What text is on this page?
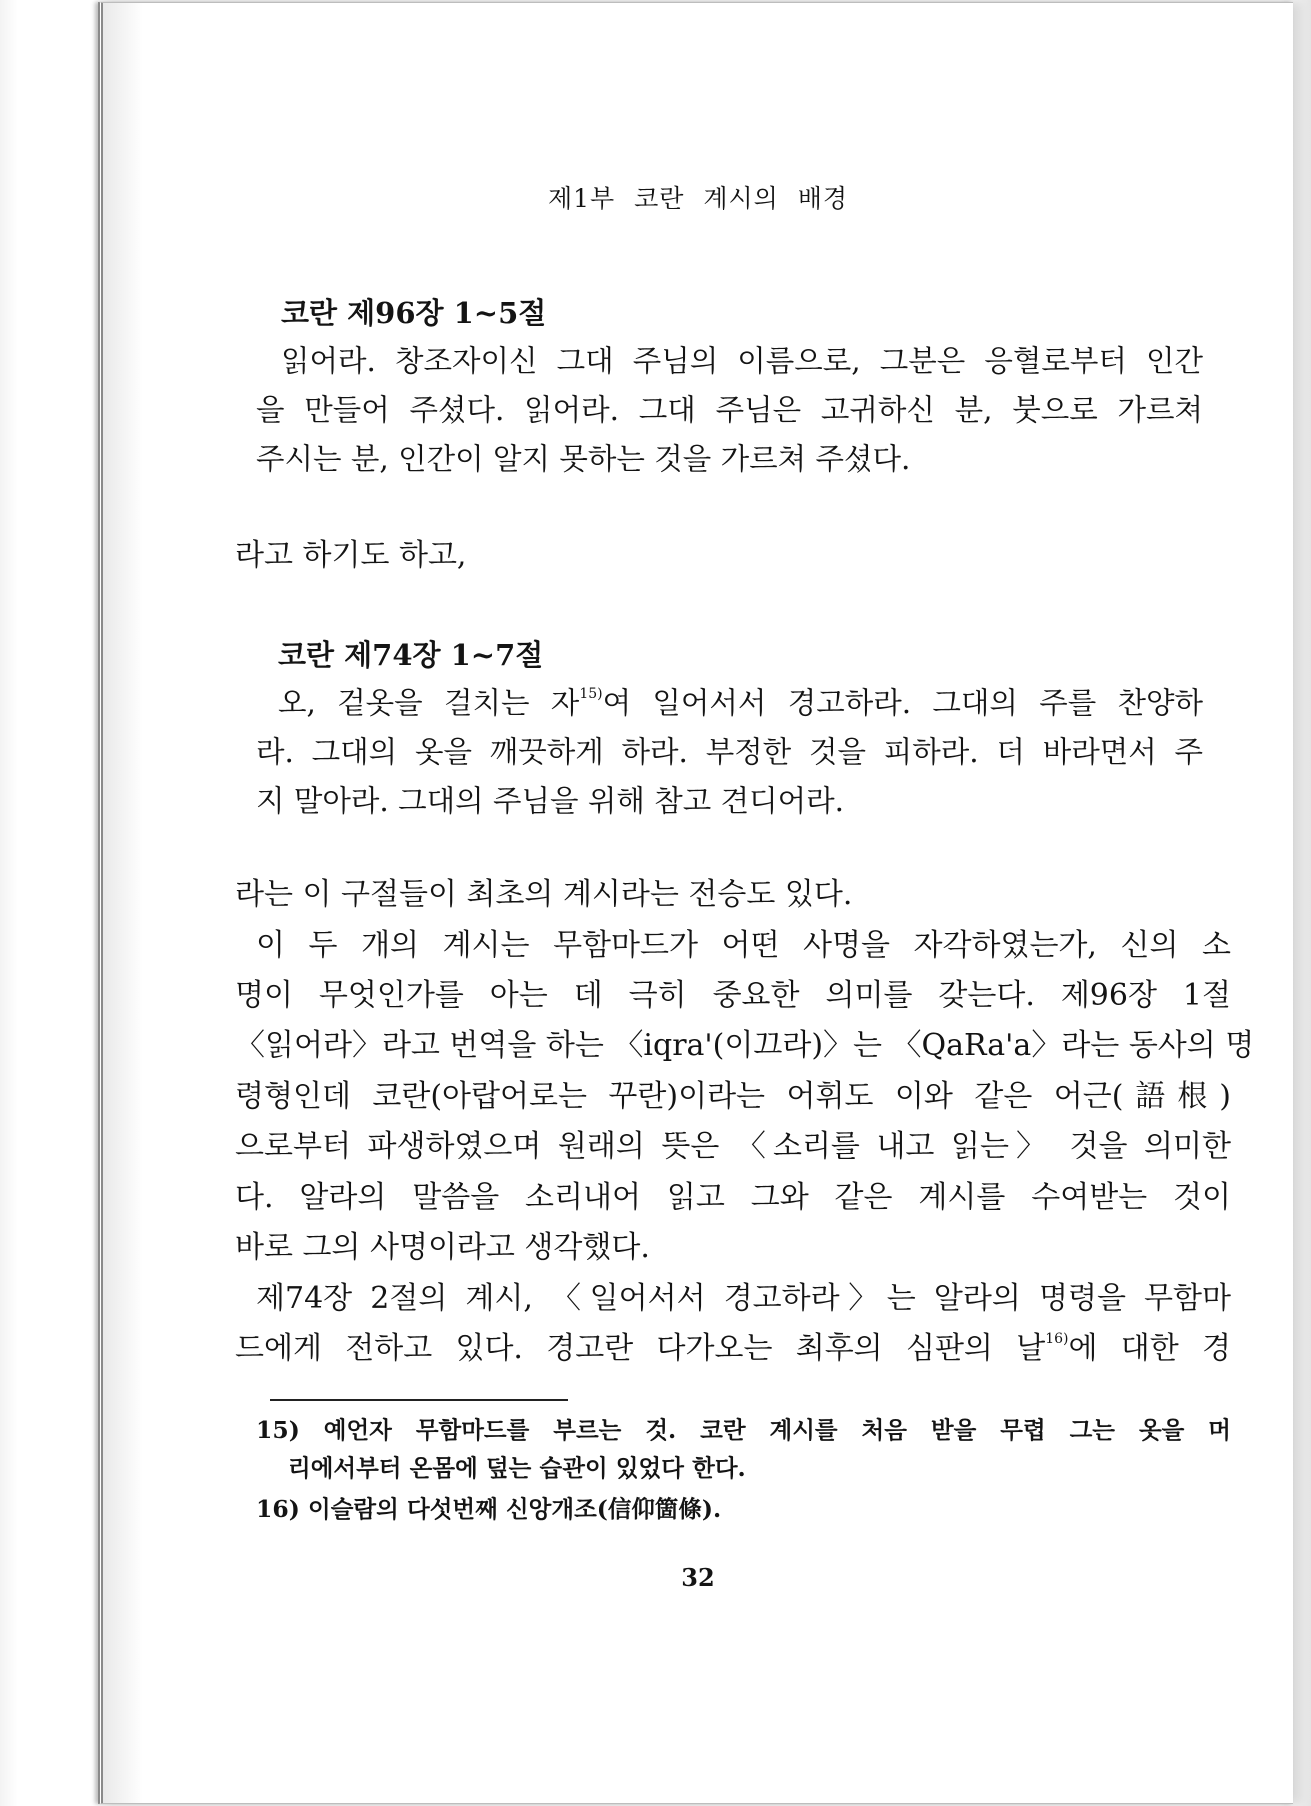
제1부 코란 계시의 배경
코란 제96장 1~5절
읽어라. 창조자이신 그대 주님의 이름으로, 그분은 응혈로부터 인간
을 만들어 주셨다. 읽어라. 그대 주님은 고귀하신 분, 붓으로 가르쳐
주시는 분, 인간이 알지 못하는 것을 가르쳐 주셨다.
라고 하기도 하고,
코란 제74장 1~7절
오, 겉옷을 걸치는 자$^{15)}$여 일어서서 경고하라. 그대의 주를 찬양하
라. 그대의 옷을 깨끗하게 하라. 부정한 것을 피하라. 더 바라면서 주
지 말아라. 그대의 주님을 위해 참고 견디어라.
라는 이 구절들이 최초의 계시라는 전승도 있다.
이 두 개의 계시는 무함마드가 어떤 사명을 자각하였는가, 신의 소
명이 무엇인가를 아는 데 극히 중요한 의미를 갖는다. 제96장 1절
〈읽어라〉라고 번역을 하는 〈iqra'(이끄라)〉는 〈QaRa'a〉라는 동사의 명
령형인데 코란(아랍어로는 꾸란)이라는 어휘도 이와 같은 어근(語根)
으로부터 파생하였으며 원래의 뜻은 〈소리를 내고 읽는〉 것을 의미한
다. 알라의 말씀을 소리내어 읽고 그와 같은 계시를 수여받는 것이
바로 그의 사명이라고 생각했다.
제74장 2절의 계시, 〈일어서서 경고하라〉는 알라의 명령을 무함마
드에게 전하고 있다. 경고란 다가오는 최후의 심판의 날$^{16)}$에 대한 경
15) 예언자 무함마드를 부르는 것. 코란 계시를 처음 받을 무렵 그는 옷을 머
리에서부터 온몸에 덮는 습관이 있었다 한다.
16) 이슬람의 다섯번째 신앙개조(信仰箇條).
32
